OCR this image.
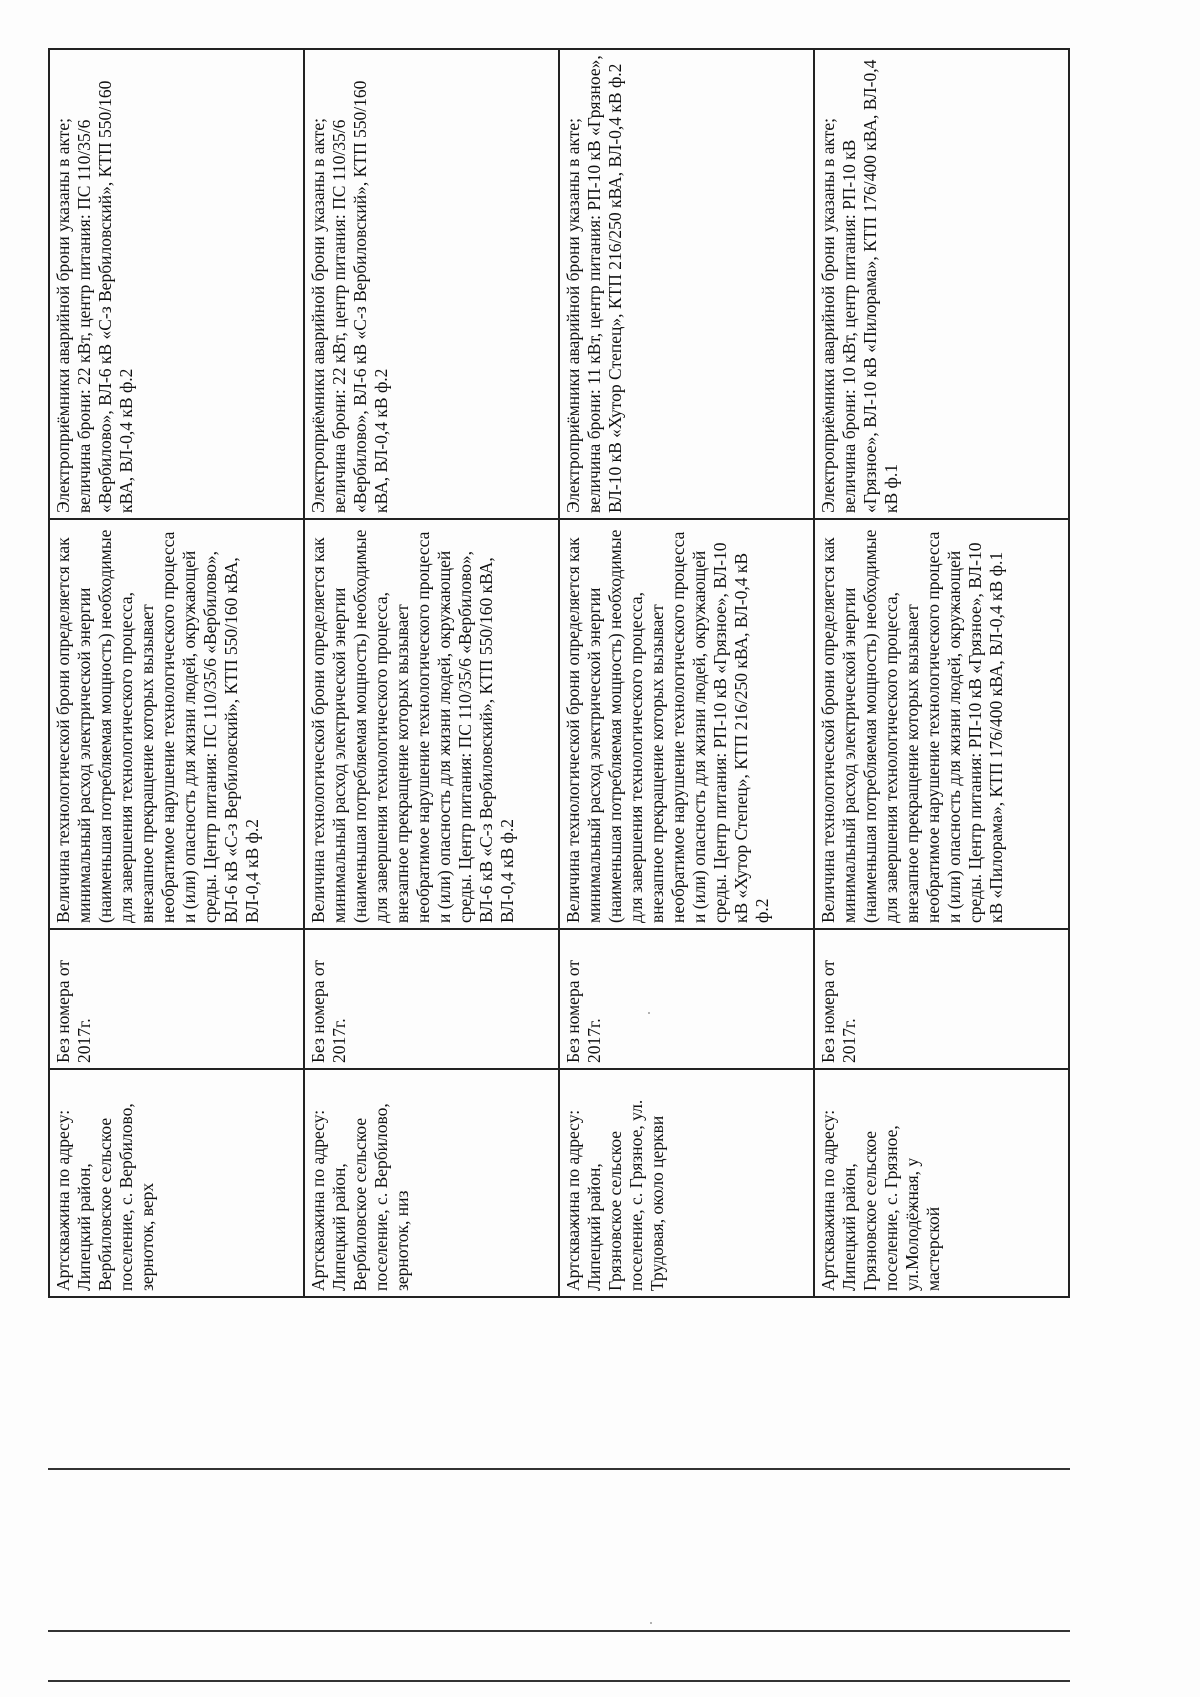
Артскважина по адресу: Липецкий район, Вербиловское сельское поселение, с. Вербилово, зерноток, верх	Без номера от 2017г.	Величина технологической брони определяется как минимальный расход электрической энергии (наименьшая потребляемая мощность) необходимые для завершения технологического процесса, внезапное прекращение которых вызывает необратимое нарушение технологического процесса и (или) опасность для жизни людей, окружающей среды. Центр питания: ПС 110/35/6 «Вербилово», ВЛ-6 кВ «С-з Вербиловский», КТП 550/160 кВА, ВЛ-0,4 кВ ф.2	Электроприёмники аварийной брони указаны в акте; величина брони: 22 кВт, центр питания: ПС 110/35/6 «Вербилово», ВЛ-6 кВ «С-з Вербиловский», КТП 550/160 кВА, ВЛ-0,4 кВ ф.2
Артскважина по адресу: Липецкий район, Вербиловское сельское поселение, с. Вербилово, зерноток, низ	Без номера от 2017г.	Величина технологической брони определяется как минимальный расход электрической энергии (наименьшая потребляемая мощность) необходимые для завершения технологического процесса, внезапное прекращение которых вызывает необратимое нарушение технологического процесса и (или) опасность для жизни людей, окружающей среды. Центр питания: ПС 110/35/6 «Вербилово», ВЛ-6 кВ «С-з Вербиловский», КТП 550/160 кВА, ВЛ-0,4 кВ ф.2	Электроприёмники аварийной брони указаны в акте; величина брони: 22 кВт, центр питания: ПС 110/35/6 «Вербилово», ВЛ-6 кВ «С-з Вербиловский», КТП 550/160 кВА, ВЛ-0,4 кВ ф.2
Артскважина по адресу: Липецкий район, Грязновское сельское поселение, с. Грязное, ул. Трудовая, около церкви	Без номера от 2017г.	Величина технологической брони определяется как минимальный расход электрической энергии (наименьшая потребляемая мощность) необходимые для завершения технологического процесса, внезапное прекращение которых вызывает необратимое нарушение технологического процесса и (или) опасность для жизни людей, окружающей среды. Центр питания: РП-10 кВ «Грязное», ВЛ-10 кВ «Хутор Степец», КТП 216/250 кВА, ВЛ-0,4 кВ ф.2	Электроприёмники аварийной брони указаны в акте; величина брони: 11 кВт, центр питания: РП-10 кВ «Грязное», ВЛ-10 кВ «Хутор Степец», КТП 216/250 кВА, ВЛ-0,4 кВ ф.2
Артскважина по адресу: Липецкий район, Грязновское сельское поселение, с. Грязное, ул.Молодёжная, у мастерской	Без номера от 2017г.	Величина технологической брони определяется как минимальный расход электрической энергии (наименьшая потребляемая мощность) необходимые для завершения технологического процесса, внезапное прекращение которых вызывает необратимое нарушение технологического процесса и (или) опасность для жизни людей, окружающей среды. Центр питания: РП-10 кВ «Грязное», ВЛ-10 кВ «Пилорама», КТП 176/400 кВА, ВЛ-0,4 кВ ф.1	Электроприёмники аварийной брони указаны в акте; величина брони: 10 кВт, центр питания: РП-10 кВ «Грязное», ВЛ-10 кВ «Пилорама», КТП 176/400 кВА, ВЛ-0,4 кВ ф.1
